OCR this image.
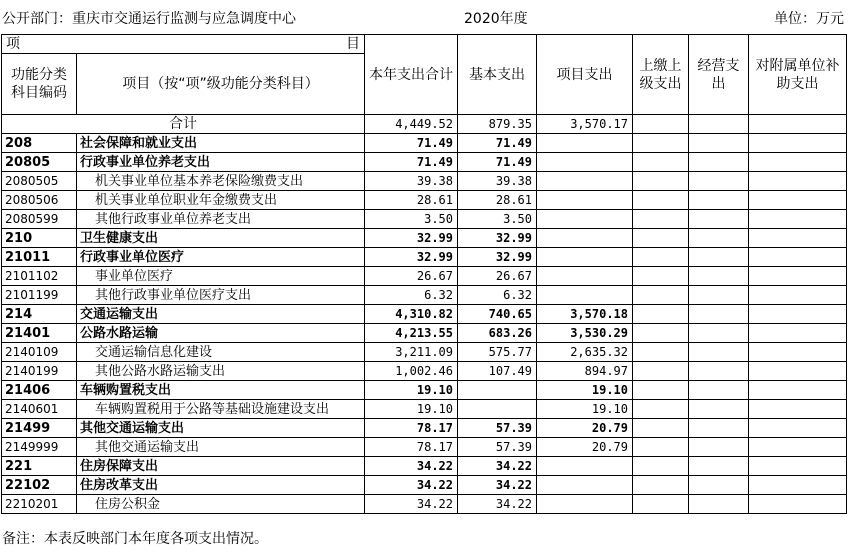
公开部门：重庆市交通运行监测与应急调度中心	2020年度	单位：万元
项 目		本年支出合计	基本支出	项目支出	上缴上级支出	经营支出	对附属单位补助支出
功能分类科目编码	项目（按“项”级功能分类科目）						
合计		4,449.52	879.35	3,570.17			
208	社会保障和就业支出	71.49	71.49				
20805	行政事业单位养老支出	71.49	71.49				
2080505	机关事业单位基本养老保险缴费支出	39.38	39.38				
2080506	机关事业单位职业年金缴费支出	28.61	28.61				
2080599	其他行政事业单位养老支出	3.50	3.50				
210	卫生健康支出	32.99	32.99				
21011	行政事业单位医疗	32.99	32.99				
2101102	事业单位医疗	26.67	26.67				
2101199	其他行政事业单位医疗支出	6.32	6.32				
214	交通运输支出	4,310.82	740.65	3,570.18			
21401	公路水路运输	4,213.55	683.26	3,530.29			
2140109	交通运输信息化建设	3,211.09	575.77	2,635.32			
2140199	其他公路水路运输支出	1,002.46	107.49	894.97			
21406	车辆购置税支出	19.10		19.10			
2140601	车辆购置税用于公路等基础设施建设支出	19.10		19.10			
21499	其他交通运输支出	78.17	57.39	20.79			
2149999	其他交通运输支出	78.17	57.39	20.79			
221	住房保障支出	34.22	34.22				
22102	住房改革支出	34.22	34.22				
2210201	住房公积金	34.22	34.22				
备注：本表反映部门本年度各项支出情况。
